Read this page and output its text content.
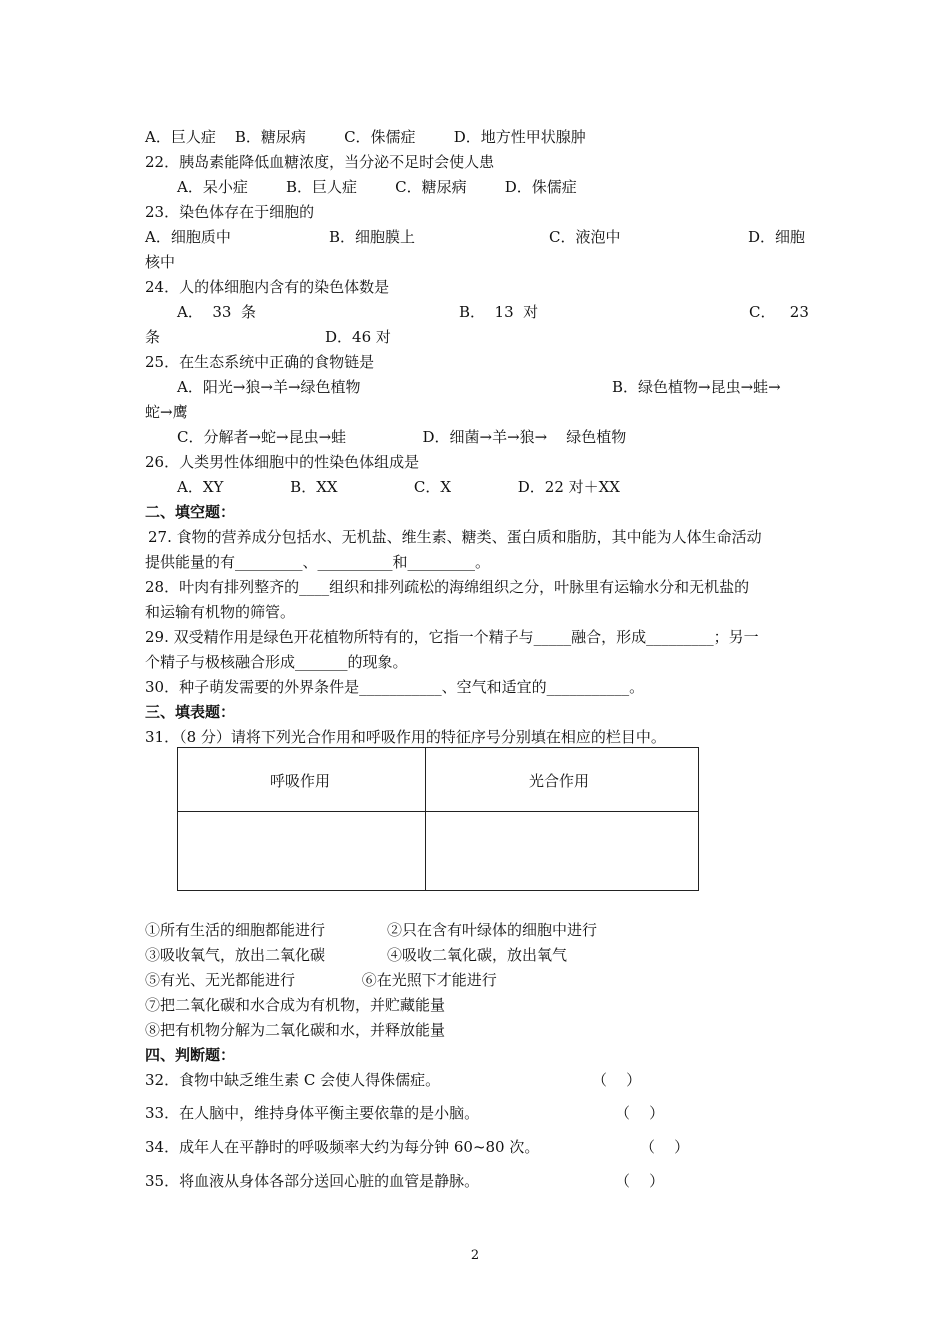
A．巨人症    B．糖尿病        C．侏儒症        D．地方性甲状腺肿
22．胰岛素能降低血糖浓度，当分泌不足时会使人患
A．呆小症        B．巨人症        C．糖尿病        D．侏儒症
23．染色体存在于细胞的
A．细胞质中	B．细胞膜上	C．液泡中	D．细胞
核中
24．人的体细胞内含有的染色体数是
A．  33  条	B．  13  对	C．   23
条	D．46 对
25．在生态系统中正确的食物链是
A．阳光→狼→羊→绿色植物	B．绿色植物→昆虫→蛙→
蛇→鹰
C．分解者→蛇→昆虫→蛙                D．细菌→羊→狼→    绿色植物
26．人类男性体细胞中的性染色体组成是
A．XY              B．XX                C．X              D．22 对＋XX
二、填空题：
27. 食物的营养成分包括水、无机盐、维生素、糖类、蛋白质和脂肪，其中能为人体生命活动
提供能量的有_________、__________和_________。
28．叶肉有排列整齐的____组织和排列疏松的海绵组织之分，叶脉里有运输水分和无机盐的
和运输有机物的筛管。
29. 双受精作用是绿色开花植物所特有的，它指一个精子与_____融合，形成_________；另一
个精子与极核融合形成_______的现象。
30．种子萌发需要的外界条件是___________、空气和适宜的___________。
三、填表题：
31．（8 分）请将下列光合作用和呼吸作用的特征序号分别填在相应的栏目中。
①所有生活的细胞都能进行             ②只在含有叶绿体的细胞中进行
③吸收氧气，放出二氧化碳             ④吸收二氧化碳，放出氧气
⑤有光、无光都能进行              ⑥在光照下才能进行
⑦把二氧化碳和水合成为有机物，并贮藏能量
⑧把有机物分解为二氧化碳和水，并释放能量
四、判断题：
32．食物中缺乏维生素 C 会使人得侏儒症。	（    ）
33．在人脑中，维持身体平衡主要依靠的是小脑。	（    ）
34．成年人在平静时的呼吸频率大约为每分钟 60~80 次。	（    ）
35．将血液从身体各部分送回心脏的血管是静脉。	（    ）
呼吸作用	光合作用
2
